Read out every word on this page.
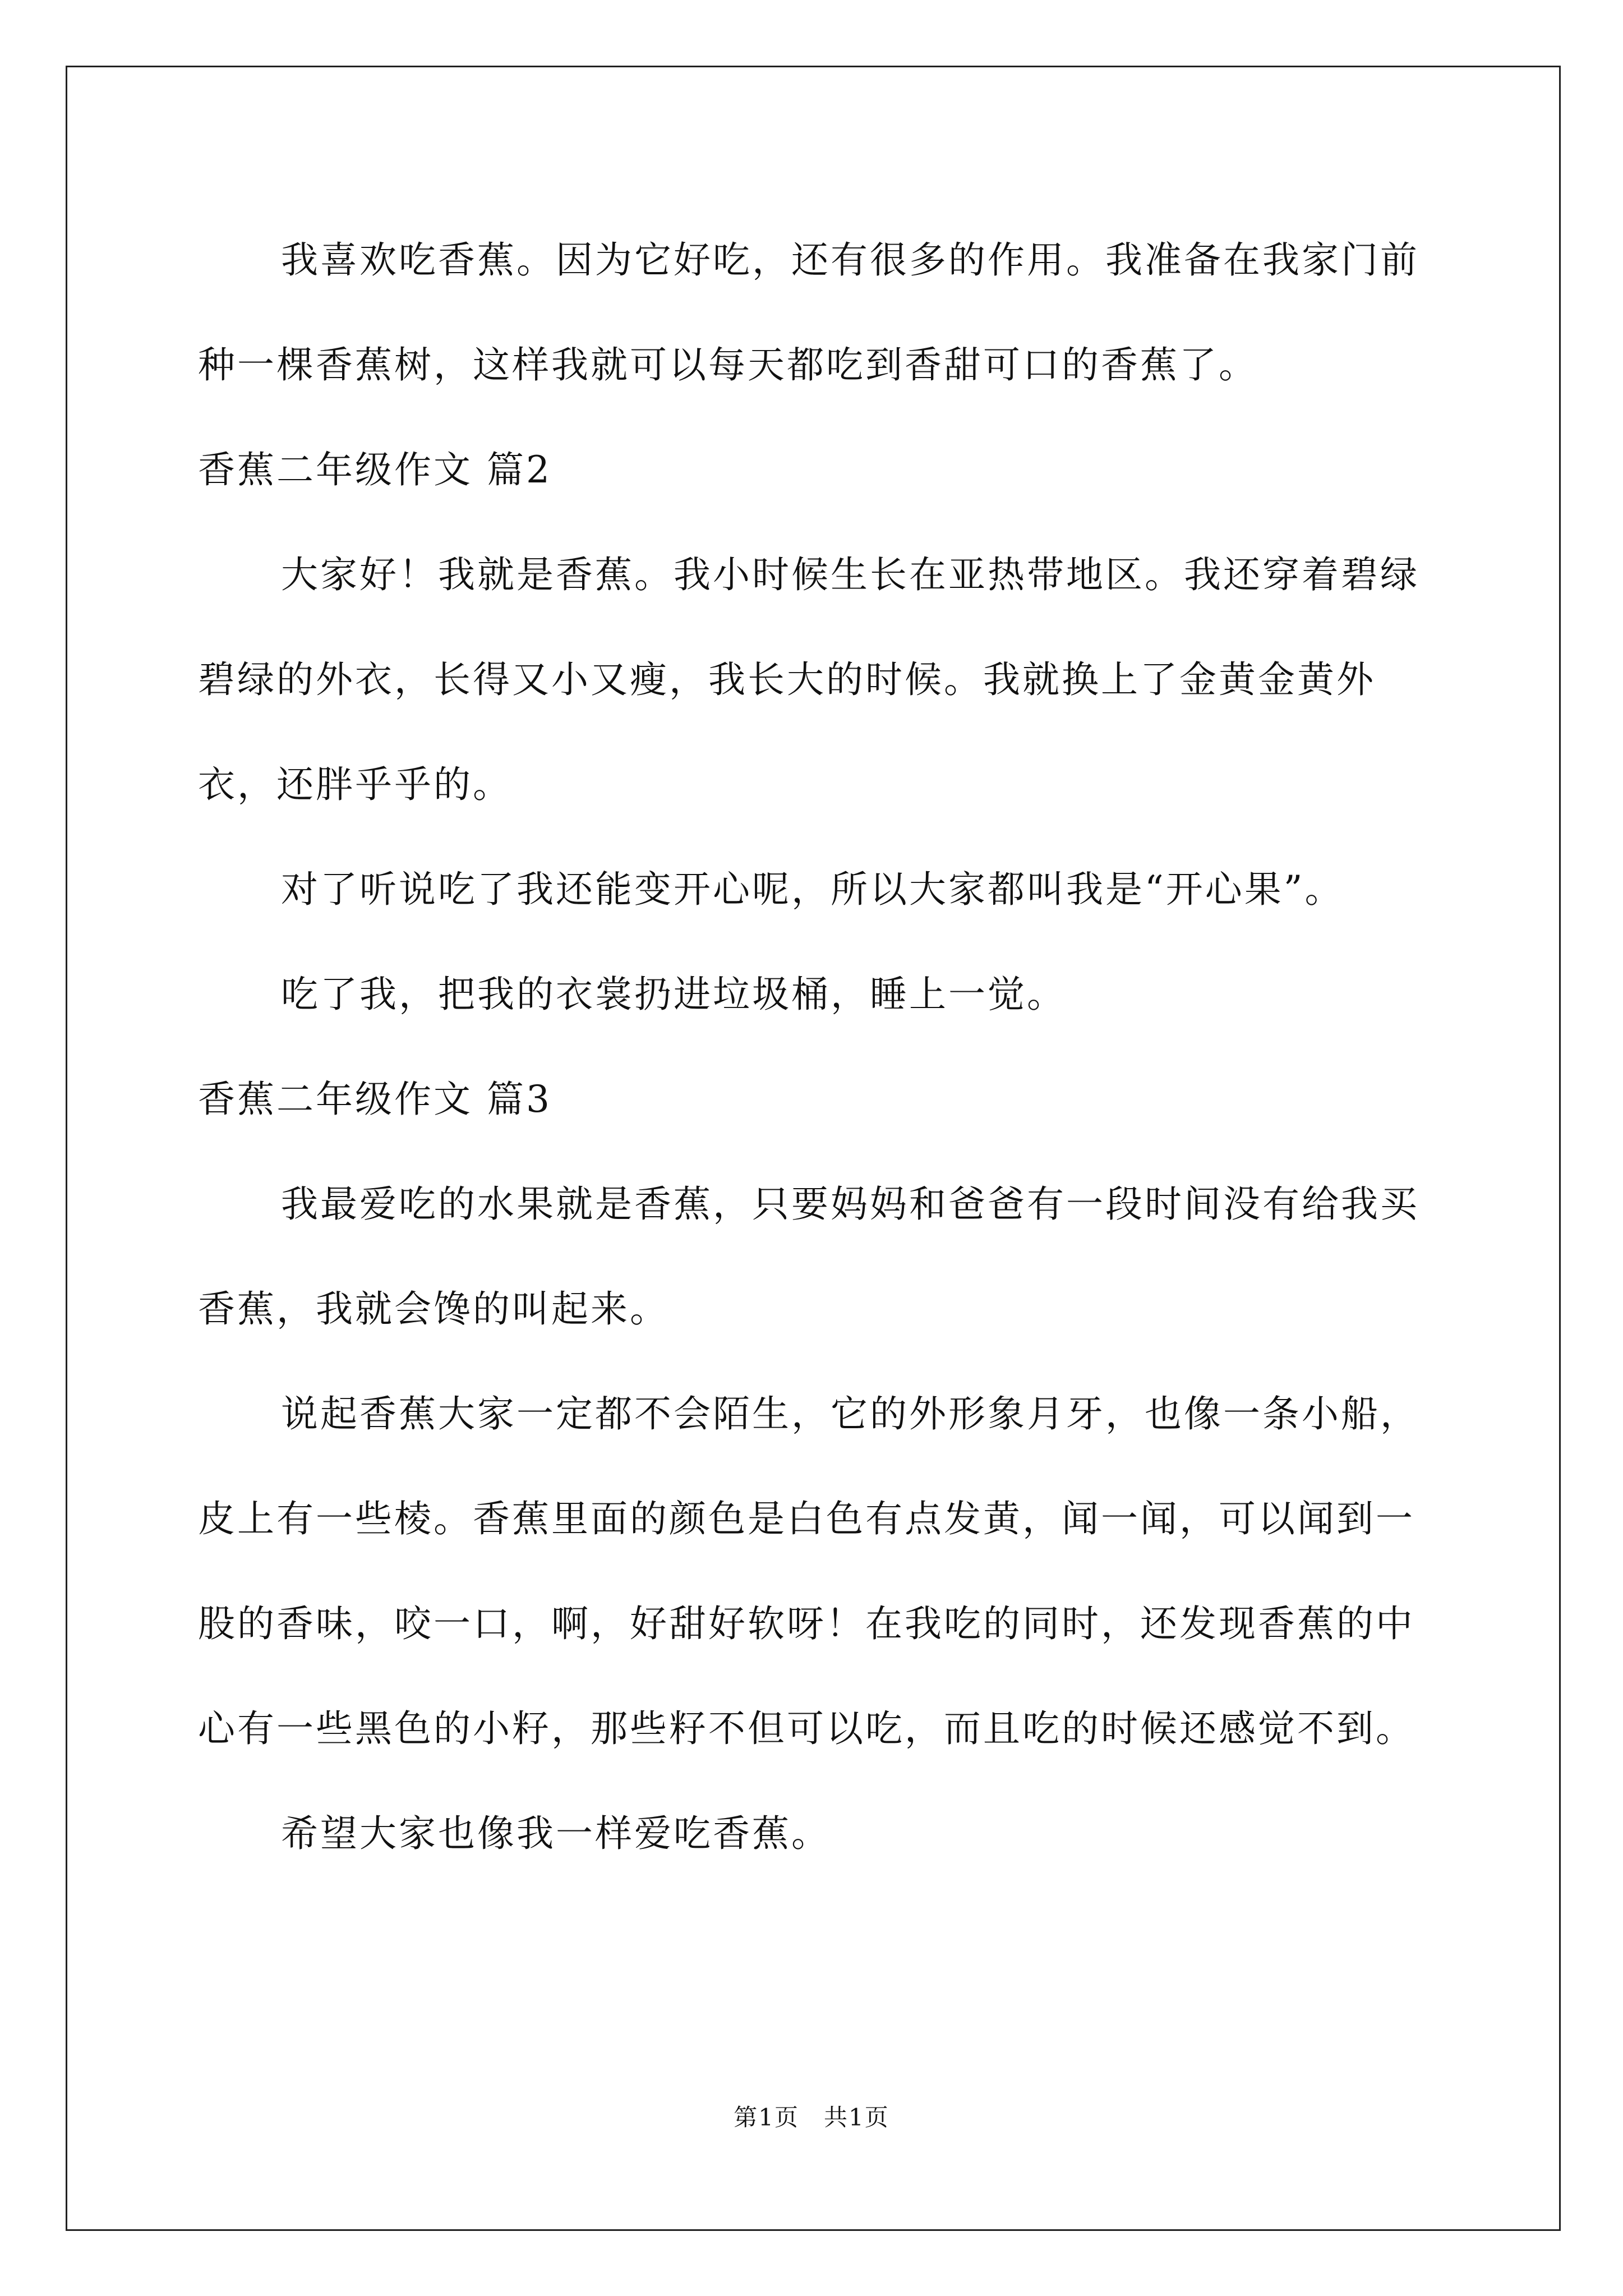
我喜欢吃香蕉。因为它好吃，还有很多的作用。我准备在我家门前种一棵香蕉树，这样我就可以每天都吃到香甜可口的香蕉了。

香蕉二年级作文 篇2

大家好！我就是香蕉。我小时候生长在亚热带地区。我还穿着碧绿碧绿的外衣，长得又小又瘦，我长大的时候。我就换上了金黄金黄外衣，还胖乎乎的。

对了听说吃了我还能变开心呢，所以大家都叫我是“开心果”。

吃了我，把我的衣裳扔进垃圾桶，睡上一觉。

香蕉二年级作文 篇3

我最爱吃的水果就是香蕉，只要妈妈和爸爸有一段时间没有给我买香蕉，我就会馋的叫起来。

说起香蕉大家一定都不会陌生，它的外形象月牙，也像一条小船，皮上有一些棱。香蕉里面的颜色是白色有点发黄，闻一闻，可以闻到一股的香味，咬一口，啊，好甜好软呀！在我吃的同时，还发现香蕉的中心有一些黑色的小籽，那些籽不但可以吃，而且吃的时候还感觉不到。

希望大家也像我一样爱吃香蕉。

第1页　共1页
